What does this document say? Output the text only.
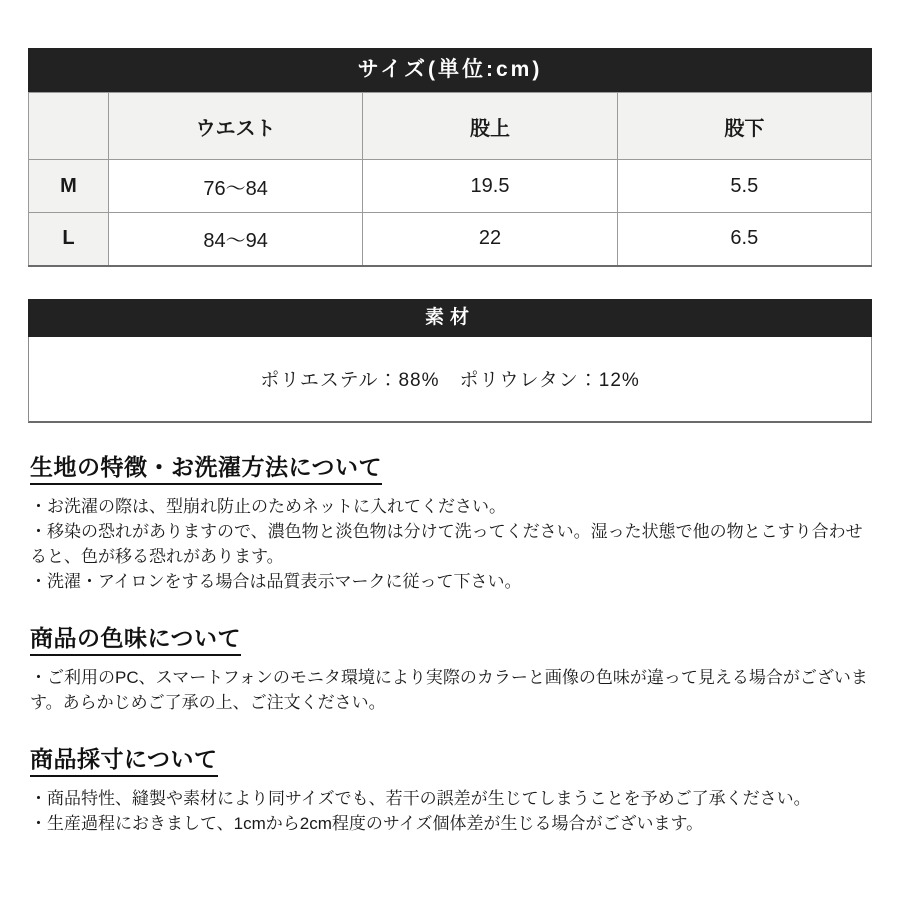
サイズ(単位:cm)
	ウエスト	股上	股下
M	76〜84	19.5	5.5
L	84〜94	22	6.5
素材
ポリエステル：88%　ポリウレタン：12%
生地の特徴・お洗濯方法について

・お洗濯の際は、型崩れ防止のためネットに入れてください。

・移染の恐れがありますので、濃色物と淡色物は分けて洗ってください。湿った状態で他の物とこすり合わせると、色が移る恐れがあります。

・洗濯・アイロンをする場合は品質表示マークに従って下さい。

商品の色味について

・ご利用のPC、スマートフォンのモニタ環境により実際のカラーと画像の色味が違って見える場合がございます。あらかじめご了承の上、ご注文ください。

商品採寸について

・商品特性、縫製や素材により同サイズでも、若干の誤差が生じてしまうことを予めご了承ください。

・生産過程におきまして、1cmから2cm程度のサイズ個体差が生じる場合がございます。
